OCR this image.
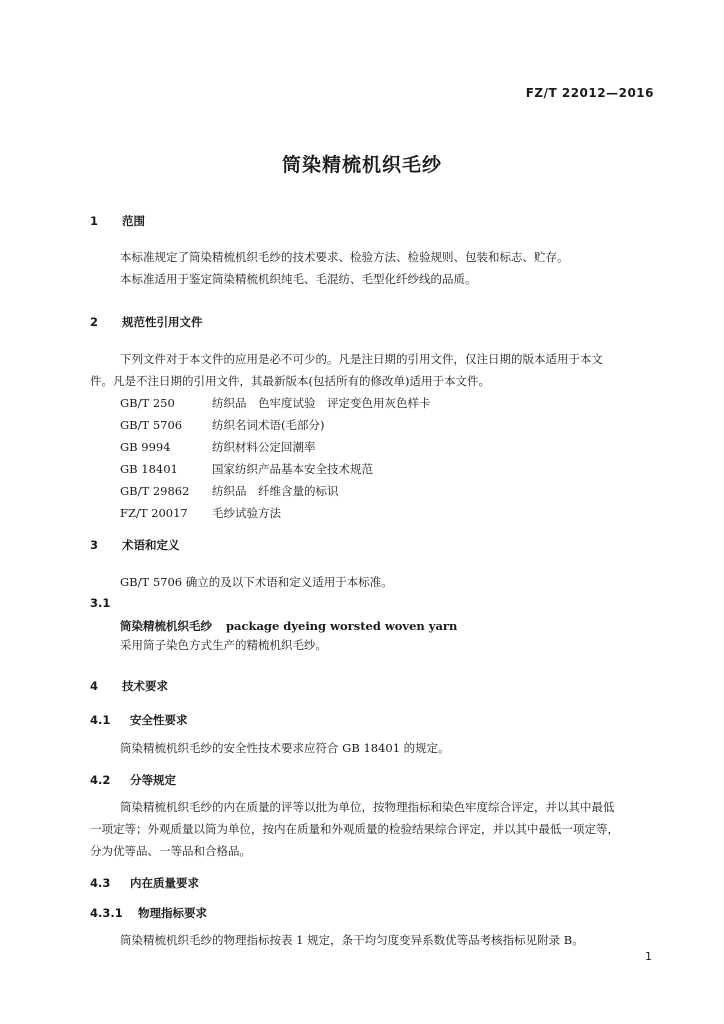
FZ/T 22012—2016
筒染精梳机织毛纱
1 范围
本标准规定了筒染精梳机织毛纱的技术要求、检验方法、检验规则、包装和标志、贮存。
本标准适用于鉴定筒染精梳机织纯毛、毛混纺、毛型化纤纱线的品质。
2 规范性引用文件
下列文件对于本文件的应用是必不可少的。凡是注日期的引用文件，仅注日期的版本适用于本文
件。凡是不注日期的引用文件，其最新版本(包括所有的修改单)适用于本文件。
GB/T 250	纺织品　色牢度试验　评定变色用灰色样卡
GB/T 5706	纺织名词术语(毛部分)
GB 9994	纺织材料公定回潮率
GB 18401	国家纺织产品基本安全技术规范
GB/T 29862 纺织品　纤维含量的标识
FZ/T 20017 毛纱试验方法
3 术语和定义
GB/T 5706 确立的及以下术语和定义适用于本标准。
3.1
筒染精梳机织毛纱 package dyeing worsted woven yarn
采用筒子染色方式生产的精梳机织毛纱。
4 技术要求
4.1 安全性要求
筒染精梳机织毛纱的安全性技术要求应符合 GB 18401 的规定。
4.2 分等规定
筒染精梳机织毛纱的内在质量的评等以批为单位，按物理指标和染色牢度综合评定，并以其中最低
一项定等；外观质量以筒为单位，按内在质量和外观质量的检验结果综合评定，并以其中最低一项定等，
分为优等品、一等品和合格品。
4.3 内在质量要求
4.3.1 物理指标要求
筒染精梳机织毛纱的物理指标按表 1 规定，条干均匀度变异系数优等品考核指标见附录 B。
1
